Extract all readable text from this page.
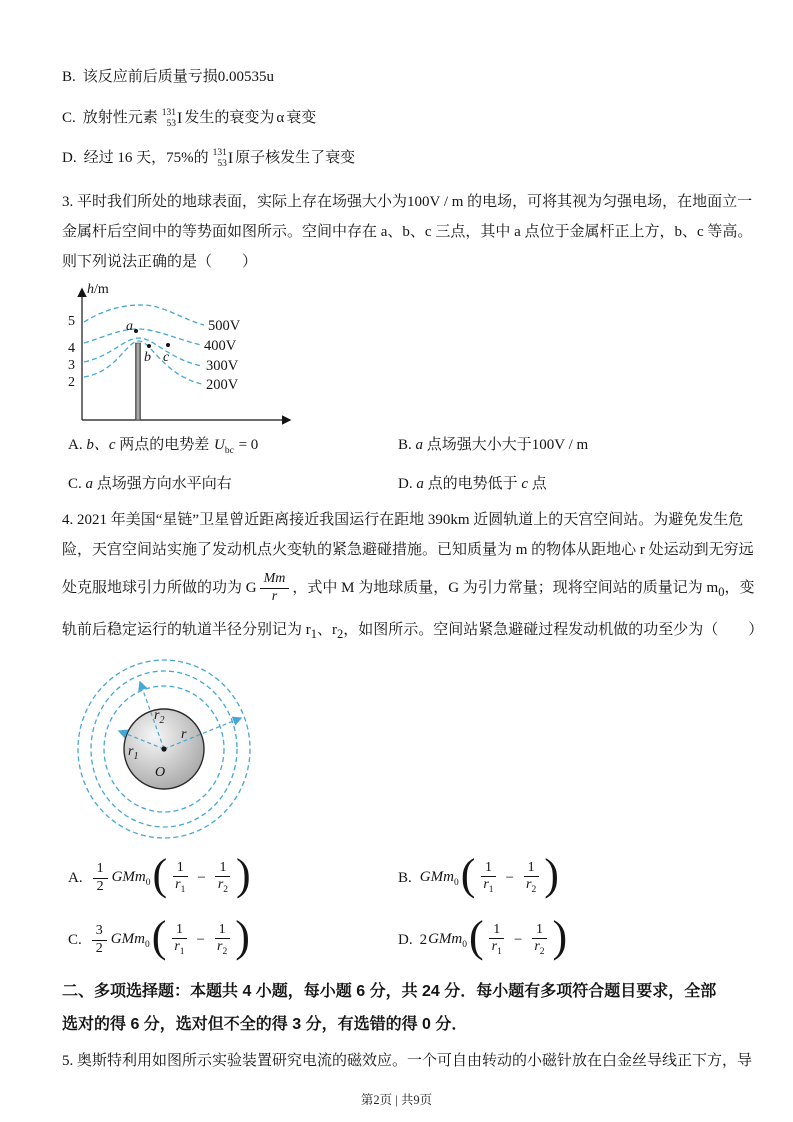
B. 该反应前后质量亏损0.00535u
C. 放射性元素 131
53 I 发生的衰变为 α 衰变
D. 经过 16 天，75%的 131
53 I 原子核发生了衰变
3. 平时我们所处的地球表面，实际上存在场强大小为100V / m 的电场，可将其视为匀强电场，在地面立一
金属杆后空间中的等势面如图所示。空间中存在 a、b、c 三点，其中 a 点位于金属杆正上方，b、c 等高。
则下列说法正确的是（　　）
h/m
5
4
3
2
500V
400V
300V
200V
a
b c
A. b、c 两点的电势差 $U_{bc} = 0$	B. a 点场强大小大于100V / m
C. a 点场强方向水平向右	D. a 点的电势低于 c 点
4. 2021 年美国“星链”卫星曾近距离接近我国运行在距地 390km 近圆轨道上的天宫空间站。为避免发生危
险，天宫空间站实施了发动机点火变轨的紧急避碰措施。已知质量为 m 的物体从距地心 r 处运动到无穷远
处克服地球引力所做的功为 G $\frac{Mm}{r}$ ，式中 M 为地球质量，G 为引力常量；现将空间站的质量记为 $m_0$，变
轨前后稳定运行的轨道半径分别记为 $r_1$、$r_2$，如图所示。空间站紧急避碰过程发动机做的功至少为（　　）
$r_1$
$r_2$
r
O
A. $\frac{1}{2} GMm_0$ ( $\frac{1}{r_1} - \frac{1}{r_2}$ )	B. GMm$_0$ ( $\frac{1}{r_1} - \frac{1}{r_2}$ )
C. $\frac{3}{2} GMm_0$ ( $\frac{1}{r_1} - \frac{1}{r_2}$ )	D. 2 GMm$_0$ ( $\frac{1}{r_1} - \frac{1}{r_2}$ )
二、多项选择题：本题共 4 小题，每小题 6 分，共 24 分．每小题有多项符合题目要求，全部
选对的得 6 分，选对但不全的得 3 分，有选错的得 0 分．
5. 奥斯特利用如图所示实验装置研究电流的磁效应。一个可自由转动的小磁针放在白金丝导线正下方，导
第2页 | 共9页
